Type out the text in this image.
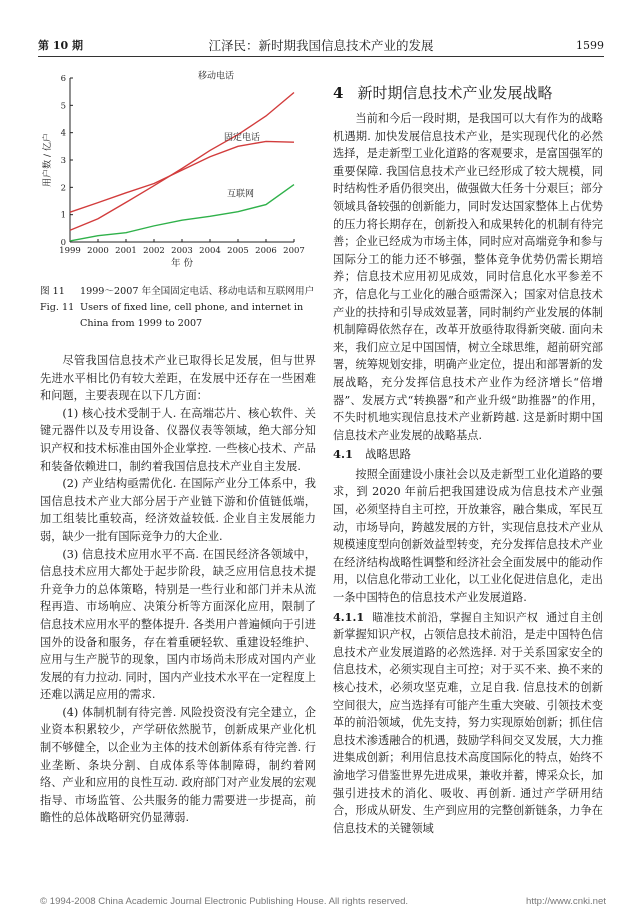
第 10 期	江泽民：新时期我国信息技术产业的发展	1599
0
1
2
3
4
5
6
1999 2000 2001 2002 2003 2004 2005 2006 2007
年 份
用户数 / 亿户
移动电话
固定电话
互联网
图 11	1999～2007 年全国固定电话、移动电话和互联网用户
Fig. 11 Users of fixed line, cell phone, and internet in China from 1999 to 2007

尽管我国信息技术产业已取得长足发展，但与世界先进水平相比仍有较大差距，在发展中还存在一些困难和问题，主要表现在以下几方面：

(1) 核心技术受制于人. 在高端芯片、核心软件、关键元器件以及专用设备、仪器仪表等领域，绝大部分知识产权和技术标准由国外企业掌控. 一些核心技术、产品和装备依赖进口，制约着我国信息技术产业自主发展.

(2) 产业结构亟需优化. 在国际产业分工体系中，我国信息技术产业大部分居于产业链下游和价值链低端，加工组装比重较高，经济效益较低. 企业自主发展能力弱，缺少一批有国际竞争力的大企业.

(3) 信息技术应用水平不高. 在国民经济各领域中，信息技术应用大都处于起步阶段，缺乏应用信息技术提升竞争力的总体策略，特别是一些行业和部门并未从流程再造、市场响应、决策分析等方面深化应用，限制了信息技术应用水平的整体提升. 各类用户普遍倾向于引进国外的设备和服务，存在着重硬轻软、重建设轻维护、应用与生产脱节的现象，国内市场尚未形成对国内产业发展的有力拉动. 同时，国内产业技术水平在一定程度上还难以满足应用的需求.

(4) 体制机制有待完善. 风险投资没有完全建立，企业资本积累较少，产学研依然脱节，创新成果产业化机制不够健全，以企业为主体的技术创新体系有待完善. 行业垄断、条块分割、自成体系等体制障碍，制约着网络、产业和应用的良性互动. 政府部门对产业发展的宏观指导、市场监管、公共服务的能力需要进一步提高，前瞻性的总体战略研究仍显薄弱.

4 新时期信息技术产业发展战略

当前和今后一段时期，是我国可以大有作为的战略机遇期. 加快发展信息技术产业，是实现现代化的必然选择，是走新型工业化道路的客观要求，是富国强军的重要保障. 我国信息技术产业已经形成了较大规模，同时结构性矛盾仍很突出，做强做大任务十分艰巨；部分领域具备较强的创新能力，同时发达国家整体上占优势的压力将长期存在，创新投入和成果转化的机制有待完善；企业已经成为市场主体，同时应对高端竞争和参与国际分工的能力还不够强，整体竞争优势仍需长期培养；信息技术应用初见成效，同时信息化水平参差不齐，信息化与工业化的融合亟需深入；国家对信息技术产业的扶持和引导成效显著，同时制约产业发展的体制机制障碍依然存在，改革开放亟待取得新突破. 面向未来，我们应立足中国国情，树立全球思维，超前研究部署，统筹规划安排，明确产业定位，提出和部署新的发展战略，充分发挥信息技术产业作为经济增长“倍增器”、发展方式“转换器”和产业升级“助推器”的作用，不失时机地实现信息技术产业新跨越. 这是新时期中国信息技术产业发展的战略基点.

4.1 战略思路

按照全面建设小康社会以及走新型工业化道路的要求，到 2020 年前后把我国建设成为信息技术产业强国，必须坚持自主可控，开放兼容，融合集成，军民互动，市场导向，跨越发展的方针，实现信息技术产业从规模速度型向创新效益型转变，充分发挥信息技术产业在经济结构战略性调整和经济社会全面发展中的能动作用，以信息化带动工业化，以工业化促进信息化，走出一条中国特色的信息技术产业发展道路.

4.1.1 瞄准技术前沿，掌握自主知识产权 通过自主创新掌握知识产权，占领信息技术前沿，是走中国特色信息技术产业发展道路的必然选择. 对于关系国家安全的信息技术，必须实现自主可控；对于买不来、换不来的核心技术，必须攻坚克难，立足自我. 信息技术的创新空间很大，应当选择有可能产生重大突破、引领技术变革的前沿领域，优先支持，努力实现原始创新；抓住信息技术渗透融合的机遇，鼓励学科间交叉发展，大力推进集成创新；利用信息技术高度国际化的特点，始终不渝地学习借鉴世界先进成果，兼收并蓄，博采众长，加强引进技术的消化、吸收、再创新. 通过产学研用结合，形成从研发、生产到应用的完整创新链条，力争在信息技术的关键领域

© 1994-2008 China Academic Journal Electronic Publishing House. All rights reserved.	http://www.cnki.net
